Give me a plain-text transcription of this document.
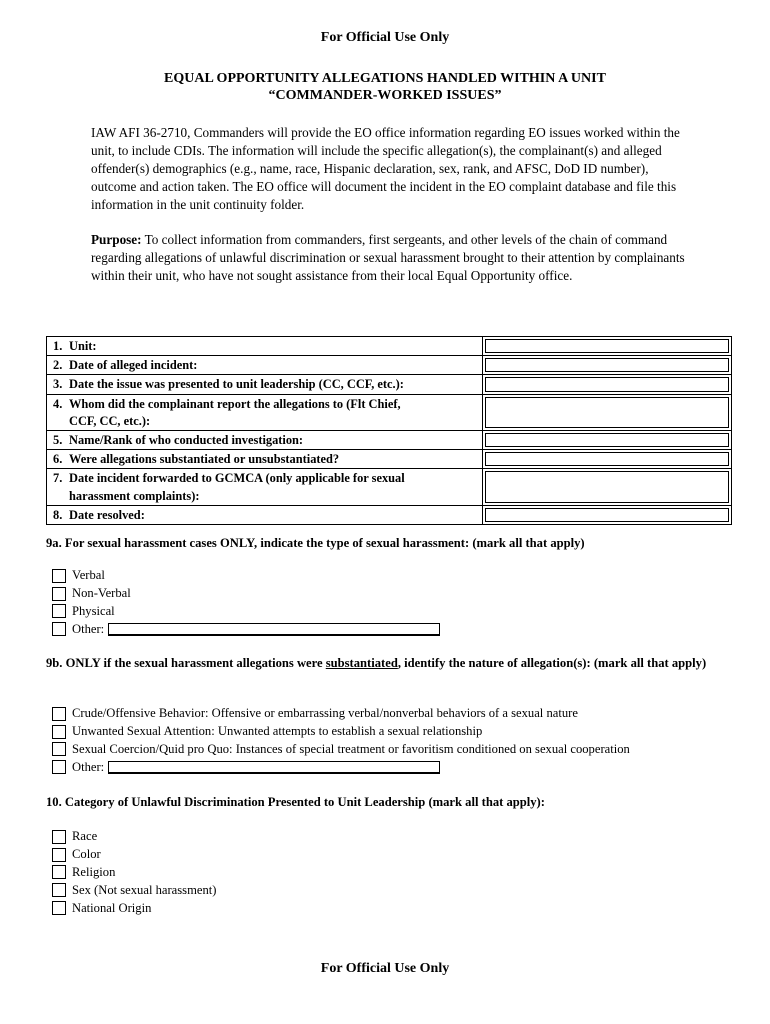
For Official Use Only
EQUAL OPPORTUNITY ALLEGATIONS HANDLED WITHIN A UNIT
“COMMANDER-WORKED ISSUES”
IAW AFI 36-2710, Commanders will provide the EO office information regarding EO issues worked within the unit, to include CDIs. The information will include the specific allegation(s), the complainant(s) and alleged offender(s) demographics (e.g., name, race, Hispanic declaration, sex, rank, and AFSC, DoD ID number), outcome and action taken. The EO office will document the incident in the EO complaint database and file this information in the unit continuity folder.
Purpose: To collect information from commanders, first sergeants, and other levels of the chain of command regarding allegations of unlawful discrimination or sexual harassment brought to their attention by complainants within their unit, who have not sought assistance from their local Equal Opportunity office.
1. Unit:	

2. Date of alleged incident:	

3. Date the issue was presented to unit leadership (CC, CCF, etc.):	

4. Whom did the complainant report the allegations to (Flt Chief,
CCF, CC, etc.):	

5. Name/Rank of who conducted investigation:	

6. Were allegations substantiated or unsubstantiated?	

7. Date incident forwarded to GCMCA (only applicable for sexual
harassment complaints):	

8. Date resolved:	
9a. For sexual harassment cases ONLY, indicate the type of sexual harassment: (mark all that apply)
Verbal
Non-Verbal
Physical
Other:
9b. ONLY if the sexual harassment allegations were substantiated, identify the nature of allegation(s): (mark all that apply)
Crude/Offensive Behavior: Offensive or embarrassing verbal/nonverbal behaviors of a sexual nature
Unwanted Sexual Attention: Unwanted attempts to establish a sexual relationship
Sexual Coercion/Quid pro Quo: Instances of special treatment or favoritism conditioned on sexual cooperation
Other:
10. Category of Unlawful Discrimination Presented to Unit Leadership (mark all that apply):
Race
Color
Religion
Sex (Not sexual harassment)
National Origin
For Official Use Only
